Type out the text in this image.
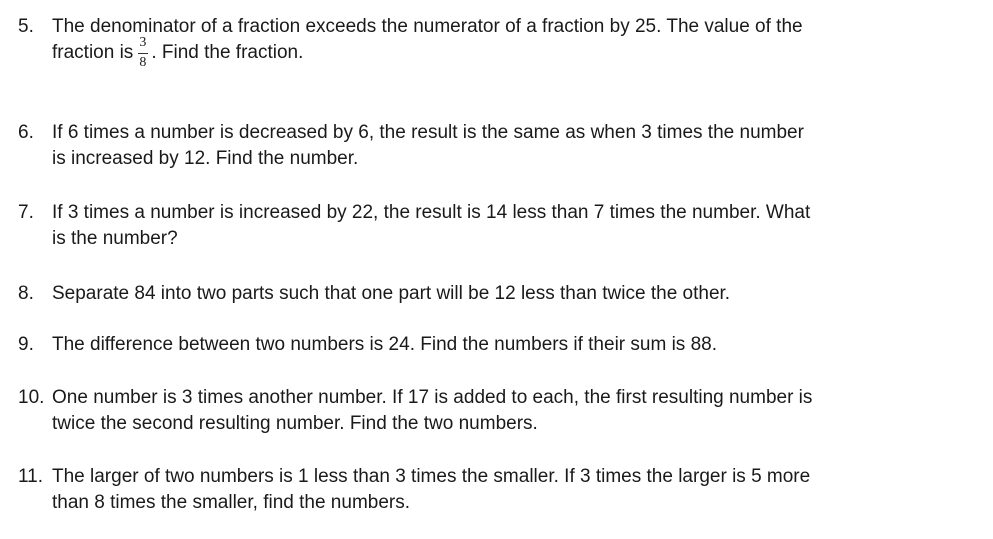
5. The denominator of a fraction exceeds the numerator of a fraction by 25. The value of the
fraction is $\frac{3}{8}$ . Find the fraction.
6. If 6 times a number is decreased by 6, the result is the same as when 3 times the number
is increased by 12. Find the number.
7. If 3 times a number is increased by 22, the result is 14 less than 7 times the number. What
is the number?
8. Separate 84 into two parts such that one part will be 12 less than twice the other.
9. The difference between two numbers is 24. Find the numbers if their sum is 88.
10. One number is 3 times another number. If 17 is added to each, the first resulting number is
twice the second resulting number. Find the two numbers.
11. The larger of two numbers is 1 less than 3 times the smaller. If 3 times the larger is 5 more
than 8 times the smaller, find the numbers.
